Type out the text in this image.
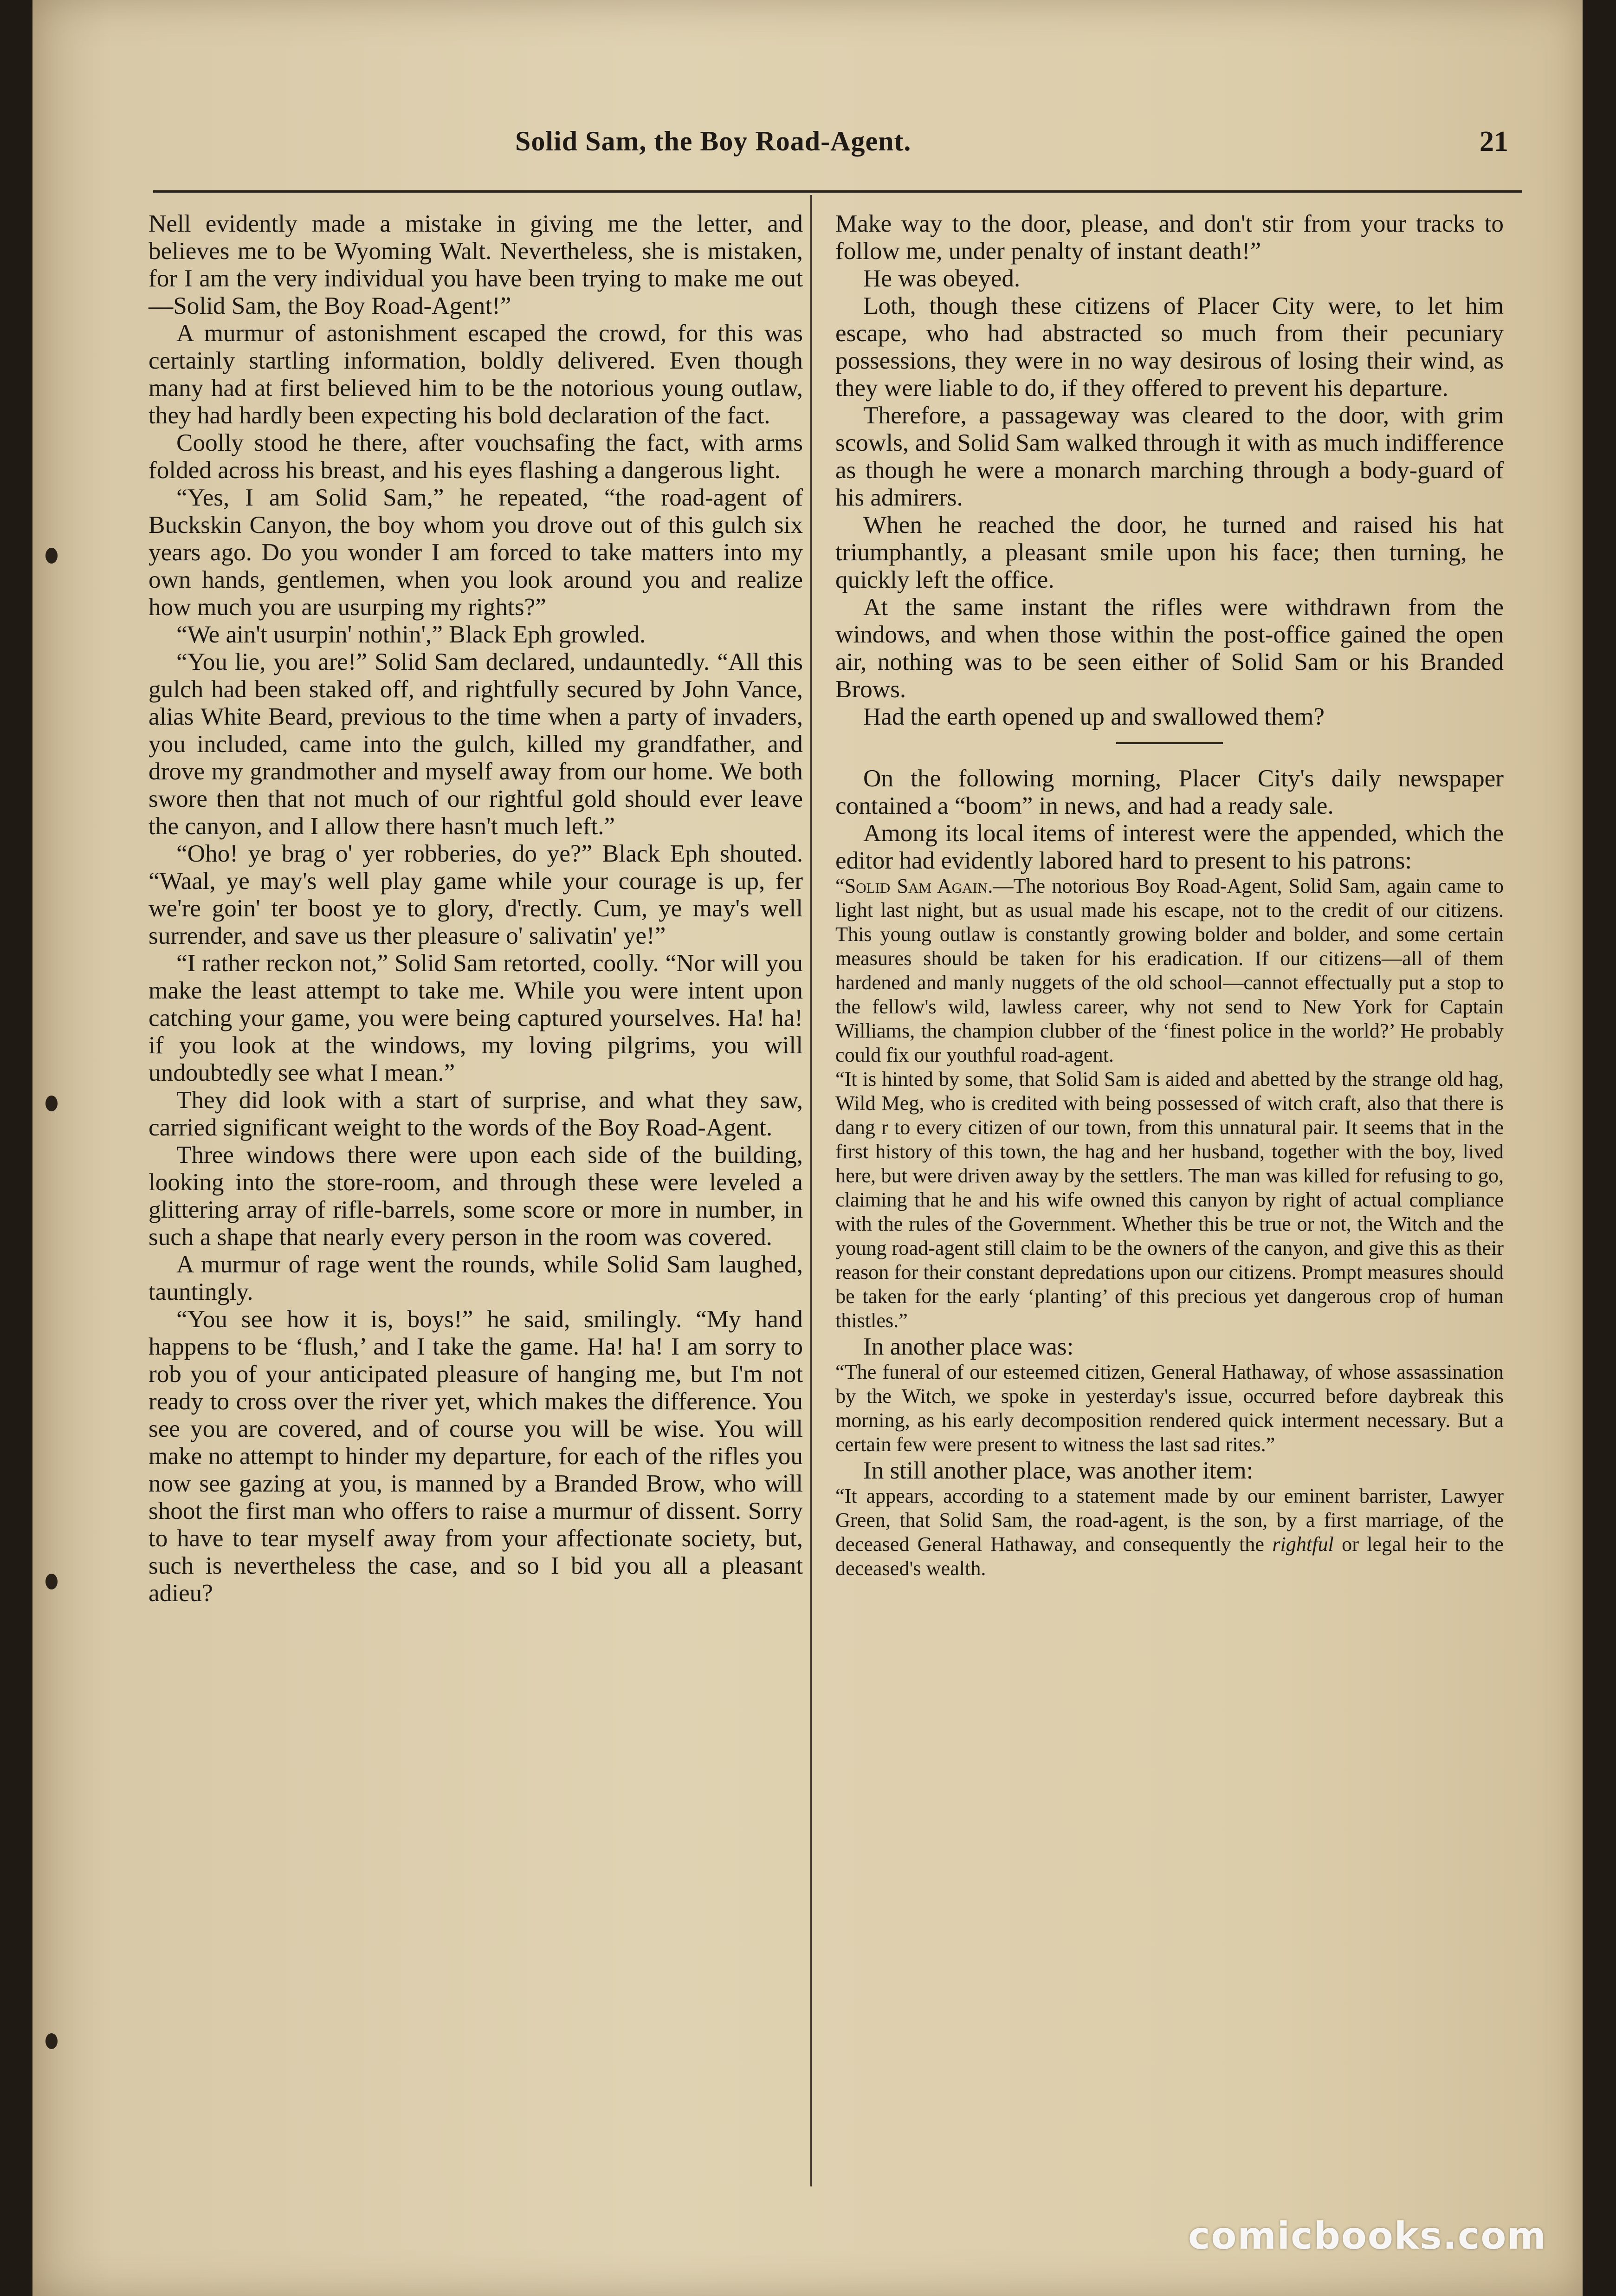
Solid Sam, the Boy Road-Agent.	21

Nell evidently made a mistake in giving me the letter, and believes me to be Wyoming Walt. Nevertheless, she is mistaken, for I am the very individual you have been trying to make me out —Solid Sam, the Boy Road-Agent!”

A murmur of astonishment escaped the crowd, for this was certainly startling information, boldly delivered. Even though many had at first believed him to be the notorious young outlaw, they had hardly been expecting his bold declaration of the fact.

Coolly stood he there, after vouchsafing the fact, with arms folded across his breast, and his eyes flashing a dangerous light.

“Yes, I am Solid Sam,” he repeated, “the road-agent of Buckskin Canyon, the boy whom you drove out of this gulch six years ago. Do you wonder I am forced to take matters into my own hands, gentlemen, when you look around you and realize how much you are usurping my rights?”

“We ain't usurpin' nothin',” Black Eph growled.

“You lie, you are!” Solid Sam declared, undauntedly. “All this gulch had been staked off, and rightfully secured by John Vance, alias White Beard, previous to the time when a party of invaders, you included, came into the gulch, killed my grandfather, and drove my grandmother and myself away from our home. We both swore then that not much of our rightful gold should ever leave the canyon, and I allow there hasn't much left.”

“Oho! ye brag o' yer robberies, do ye?” Black Eph shouted. “Waal, ye may's well play game while your courage is up, fer we're goin' ter boost ye to glory, d'rectly. Cum, ye may's well surrender, and save us ther pleasure o' salivatin' ye!”

“I rather reckon not,” Solid Sam retorted, coolly. “Nor will you make the least attempt to take me. While you were intent upon catching your game, you were being captured yourselves. Ha! ha! if you look at the windows, my loving pilgrims, you will undoubtedly see what I mean.”

They did look with a start of surprise, and what they saw, carried significant weight to the words of the Boy Road-Agent.

Three windows there were upon each side of the building, looking into the store-room, and through these were leveled a glittering array of rifle-barrels, some score or more in number, in such a shape that nearly every person in the room was covered.

A murmur of rage went the rounds, while Solid Sam laughed, tauntingly.

“You see how it is, boys!” he said, smilingly. “My hand happens to be ‘flush,’ and I take the game. Ha! ha! I am sorry to rob you of your anticipated pleasure of hanging me, but I'm not ready to cross over the river yet, which makes the difference. You see you are covered, and of course you will be wise. You will make no attempt to hinder my departure, for each of the rifles you now see gazing at you, is manned by a Branded Brow, who will shoot the first man who offers to raise a murmur of dissent. Sorry to have to tear myself away from your affectionate society, but, such is nevertheless the case, and so I bid you all a pleasant adieu?

Make way to the door, please, and don't stir from your tracks to follow me, under penalty of instant death!”

He was obeyed.

Loth, though these citizens of Placer City were, to let him escape, who had abstracted so much from their pecuniary possessions, they were in no way desirous of losing their wind, as they were liable to do, if they offered to prevent his departure.

Therefore, a passageway was cleared to the door, with grim scowls, and Solid Sam walked through it with as much indifference as though he were a monarch marching through a body-guard of his admirers.

When he reached the door, he turned and raised his hat triumphantly, a pleasant smile upon his face; then turning, he quickly left the office.

At the same instant the rifles were withdrawn from the windows, and when those within the post-office gained the open air, nothing was to be seen either of Solid Sam or his Branded Brows.

Had the earth opened up and swallowed them?

On the following morning, Placer City's daily newspaper contained a “boom” in news, and had a ready sale.

Among its local items of interest were the appended, which the editor had evidently labored hard to present to his patrons:

“Solid Sam Again.—The notorious Boy Road-Agent, Solid Sam, again came to light last night, but as usual made his escape, not to the credit of our citizens. This young outlaw is constantly growing bolder and bolder, and some certain measures should be taken for his eradication. If our citizens—all of them hardened and manly nuggets of the old school—cannot effectually put a stop to the fellow's wild, lawless career, why not send to New York for Captain Williams, the champion clubber of the ‘finest police in the world?’ He probably could fix our youthful road-agent.

“It is hinted by some, that Solid Sam is aided and abetted by the strange old hag, Wild Meg, who is credited with being possessed of witch craft, also that there is dang r to every citizen of our town, from this unnatural pair. It seems that in the first history of this town, the hag and her husband, together with the boy, lived here, but were driven away by the settlers. The man was killed for refusing to go, claiming that he and his wife owned this canyon by right of actual compliance with the rules of the Government. Whether this be true or not, the Witch and the young road-agent still claim to be the owners of the canyon, and give this as their reason for their constant depredations upon our citizens. Prompt measures should be taken for the early ‘planting’ of this precious yet dangerous crop of human thistles.”

In another place was:

“The funeral of our esteemed citizen, General Hathaway, of whose assassination by the Witch, we spoke in yesterday's issue, occurred before daybreak this morning, as his early decomposition rendered quick interment necessary. But a certain few were present to witness the last sad rites.”

In still another place, was another item:

“It appears, according to a statement made by our eminent barrister, Lawyer Green, that Solid Sam, the road-agent, is the son, by a first marriage, of the deceased General Hathaway, and consequently the rightful or legal heir to the deceased's wealth.

comicbooks.com
